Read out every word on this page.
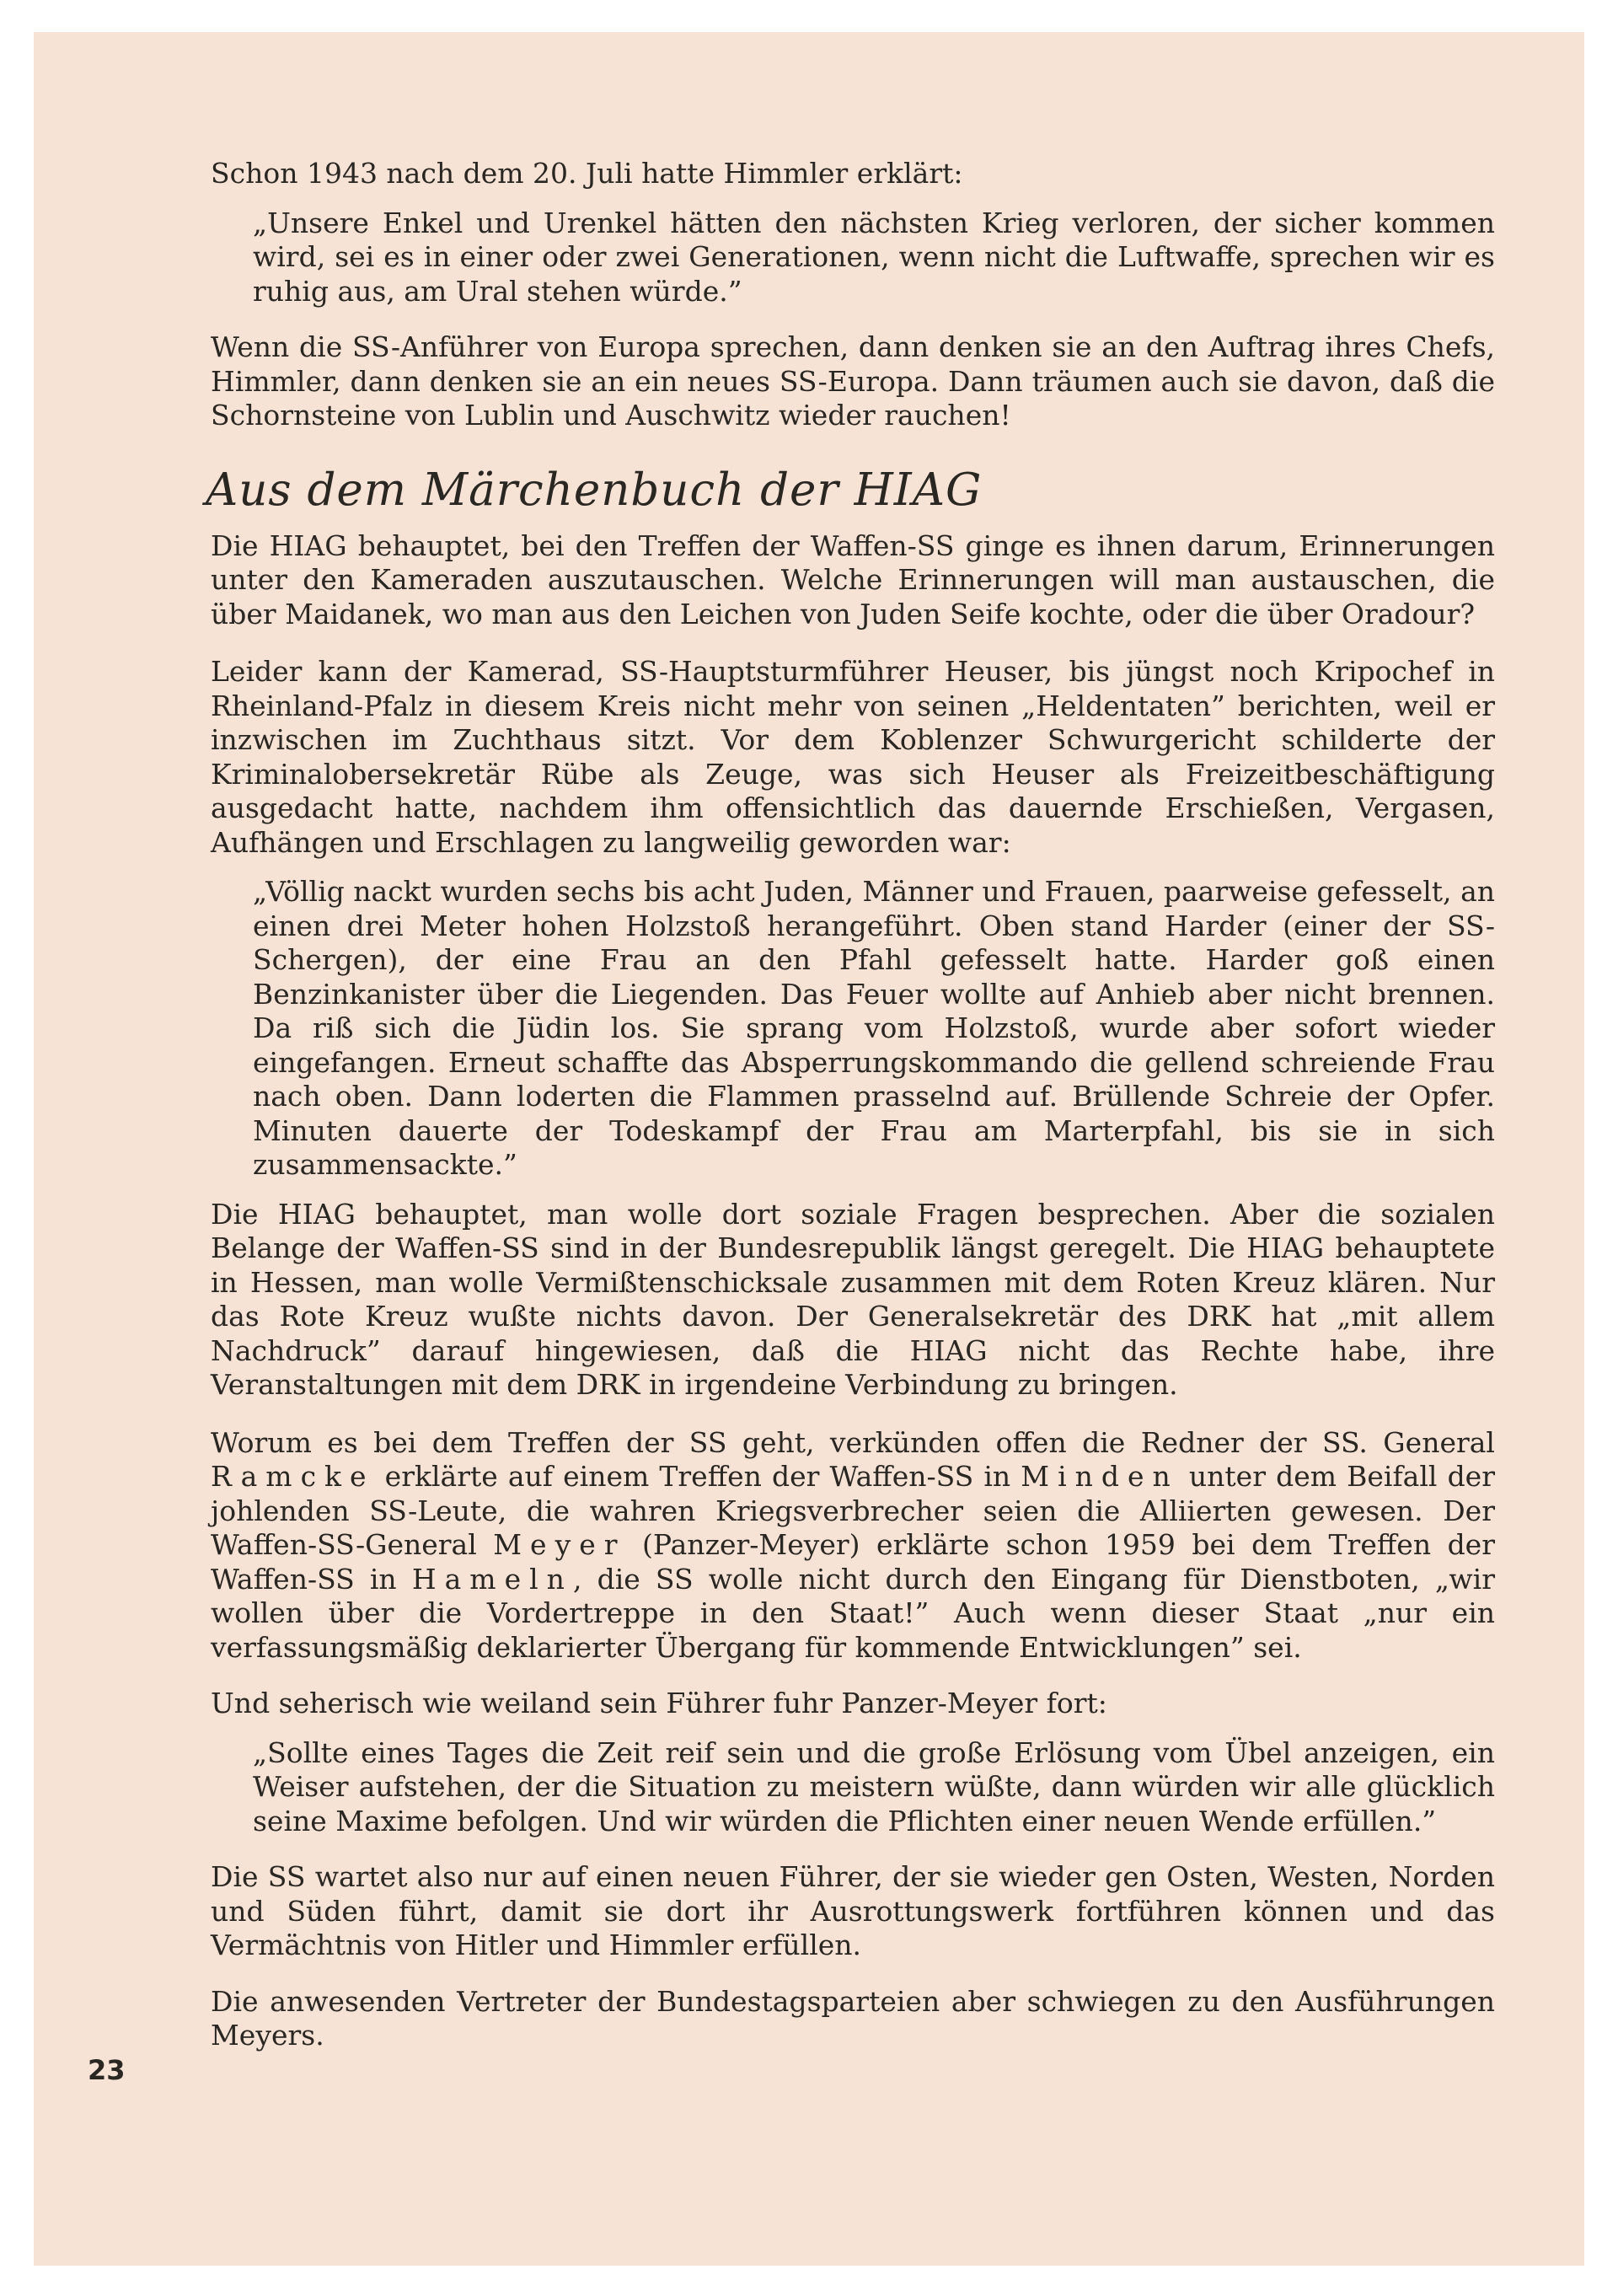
Schon 1943 nach dem 20. Juli hatte Himmler erklärt:

„Unsere Enkel und Urenkel hätten den nächsten Krieg verloren, der sicher kommen wird, sei es in einer oder zwei Generationen, wenn nicht die Luftwaffe, sprechen wir es ruhig aus, am Ural stehen würde.”

Wenn die SS-Anführer von Europa sprechen, dann denken sie an den Auftrag ihres Chefs, Himmler, dann denken sie an ein neues SS-Europa. Dann träumen auch sie davon, daß die Schornsteine von Lublin und Auschwitz wieder rauchen!

Aus dem Märchenbuch der HIAG

Die HIAG behauptet, bei den Treffen der Waffen-SS ginge es ihnen darum, Erinnerungen unter den Kameraden auszutauschen. Welche Erinnerungen will man austauschen, die über Maidanek, wo man aus den Leichen von Juden Seife kochte, oder die über Oradour?

Leider kann der Kamerad, SS-Hauptsturmführer Heuser, bis jüngst noch Kripochef in Rheinland-Pfalz in diesem Kreis nicht mehr von seinen „Heldentaten” berichten, weil er inzwischen im Zuchthaus sitzt. Vor dem Koblenzer Schwurgericht schilderte der Kriminalobersekretär Rübe als Zeuge, was sich Heuser als Freizeitbeschäftigung ausgedacht hatte, nachdem ihm offensichtlich das dauernde Erschießen, Vergasen, Aufhängen und Erschlagen zu langweilig geworden war:

„Völlig nackt wurden sechs bis acht Juden, Männer und Frauen, paarweise gefesselt, an einen drei Meter hohen Holzstoß herangeführt. Oben stand Harder (einer der SS-Schergen), der eine Frau an den Pfahl gefesselt hatte. Harder goß einen Benzinkanister über die Liegenden. Das Feuer wollte auf Anhieb aber nicht brennen. Da riß sich die Jüdin los. Sie sprang vom Holzstoß, wurde aber sofort wieder eingefangen. Erneut schaffte das Absperrungskommando die gellend schreiende Frau nach oben. Dann loderten die Flammen prasselnd auf. Brüllende Schreie der Opfer. Minuten dauerte der Todeskampf der Frau am Marterpfahl, bis sie in sich zusammensackte.”

Die HIAG behauptet, man wolle dort soziale Fragen besprechen. Aber die sozialen Belange der Waffen-SS sind in der Bundesrepublik längst geregelt. Die HIAG behauptete in Hessen, man wolle Vermißtenschicksale zusammen mit dem Roten Kreuz klären. Nur das Rote Kreuz wußte nichts davon. Der Generalsekretär des DRK hat „mit allem Nachdruck” darauf hingewiesen, daß die HIAG nicht das Rechte habe, ihre Veranstaltungen mit dem DRK in irgendeine Verbindung zu bringen.

Worum es bei dem Treffen der SS geht, verkünden offen die Redner der SS. General Ramcke erklärte auf einem Treffen der Waffen-SS in Minden unter dem Beifall der johlenden SS-Leute, die wahren Kriegsverbrecher seien die Alliierten gewesen. Der Waffen-SS-General Meyer (Panzer-Meyer) erklärte schon 1959 bei dem Treffen der Waffen-SS in Hameln, die SS wolle nicht durch den Eingang für Dienstboten, „wir wollen über die Vordertreppe in den Staat!” Auch wenn dieser Staat „nur ein verfassungsmäßig deklarierter Übergang für kommende Entwicklungen” sei.

Und seherisch wie weiland sein Führer fuhr Panzer-Meyer fort:

„Sollte eines Tages die Zeit reif sein und die große Erlösung vom Übel anzeigen, ein Weiser aufstehen, der die Situation zu meistern wüßte, dann würden wir alle glücklich seine Maxime befolgen. Und wir würden die Pflichten einer neuen Wende erfüllen.”

Die SS wartet also nur auf einen neuen Führer, der sie wieder gen Osten, Westen, Norden und Süden führt, damit sie dort ihr Ausrottungswerk fortführen können und das Vermächtnis von Hitler und Himmler erfüllen.

Die anwesenden Vertreter der Bundestagsparteien aber schwiegen zu den Ausführungen Meyers.

23
